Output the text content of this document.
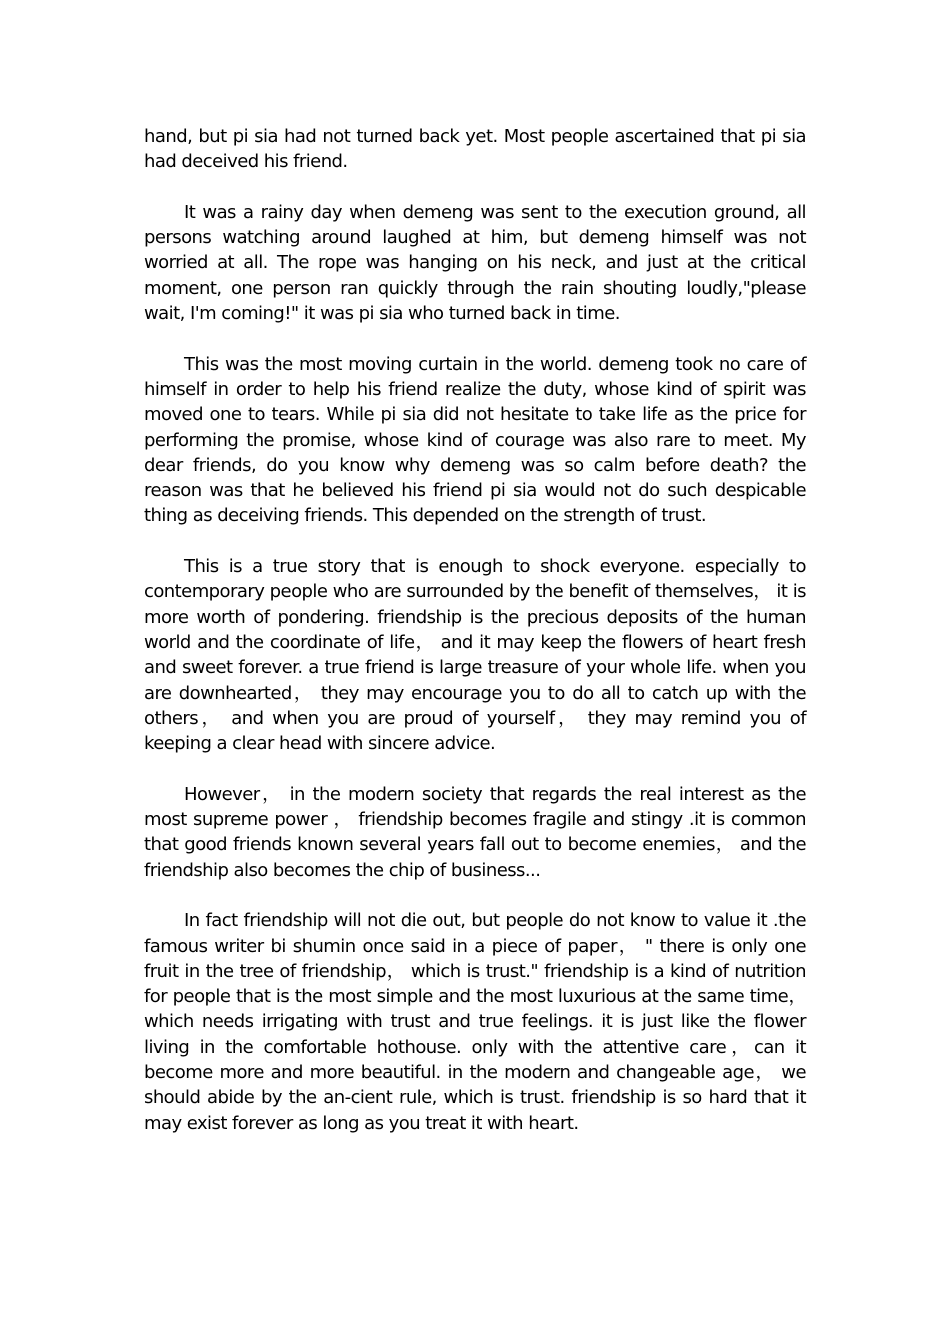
hand, but pi sia had not turned back yet. Most people ascertained that pi sia had deceived his friend.

It was a rainy day when demeng was sent to the execution ground, all persons watching around laughed at him, but demeng himself was not worried at all. The rope was hanging on his neck, and just at the critical moment, one person ran quickly through the rain shouting loudly,"please wait, I'm coming!" it was pi sia who turned back in time.

This was the most moving curtain in the world. demeng took no care of himself in order to help his friend realize the duty, whose kind of spirit was moved one to tears. While pi sia did not hesitate to take life as the price for performing the promise, whose kind of courage was also rare to meet. My dear friends, do you know why demeng was so calm before death? the reason was that he believed his friend pi sia would not do such despicable thing as deceiving friends. This depended on the strength of trust.

This is a true story that is enough to shock everyone. especially to contemporary people who are surrounded by the benefit of themselves， it is more worth of pondering. friendship is the precious deposits of the human world and the coordinate of life， and it may keep the flowers of heart fresh and sweet forever. a true friend is large treasure of your whole life. when you are downhearted， they may encourage you to do all to catch up with the others， and when you are proud of yourself， they may remind you of keeping a clear head with sincere advice.

However， in the modern society that regards the real interest as the most supreme power ， friendship becomes fragile and stingy .it is common that good friends known several years fall out to become enemies， and the friendship also becomes the chip of business...

In fact friendship will not die out, but people do not know to value it .the famous writer bi shumin once said in a piece of paper， " there is only one fruit in the tree of friendship， which is trust." friendship is a kind of nutrition for people that is the most simple and the most luxurious at the same time， which needs irrigating with trust and true feelings. it is just like the flower living in the comfortable hothouse. only with the attentive care，can it become more and more beautiful. in the modern and changeable age， we should abide by the an-cient rule, which is trust. friendship is so hard that it may exist forever as long as you treat it with heart.
